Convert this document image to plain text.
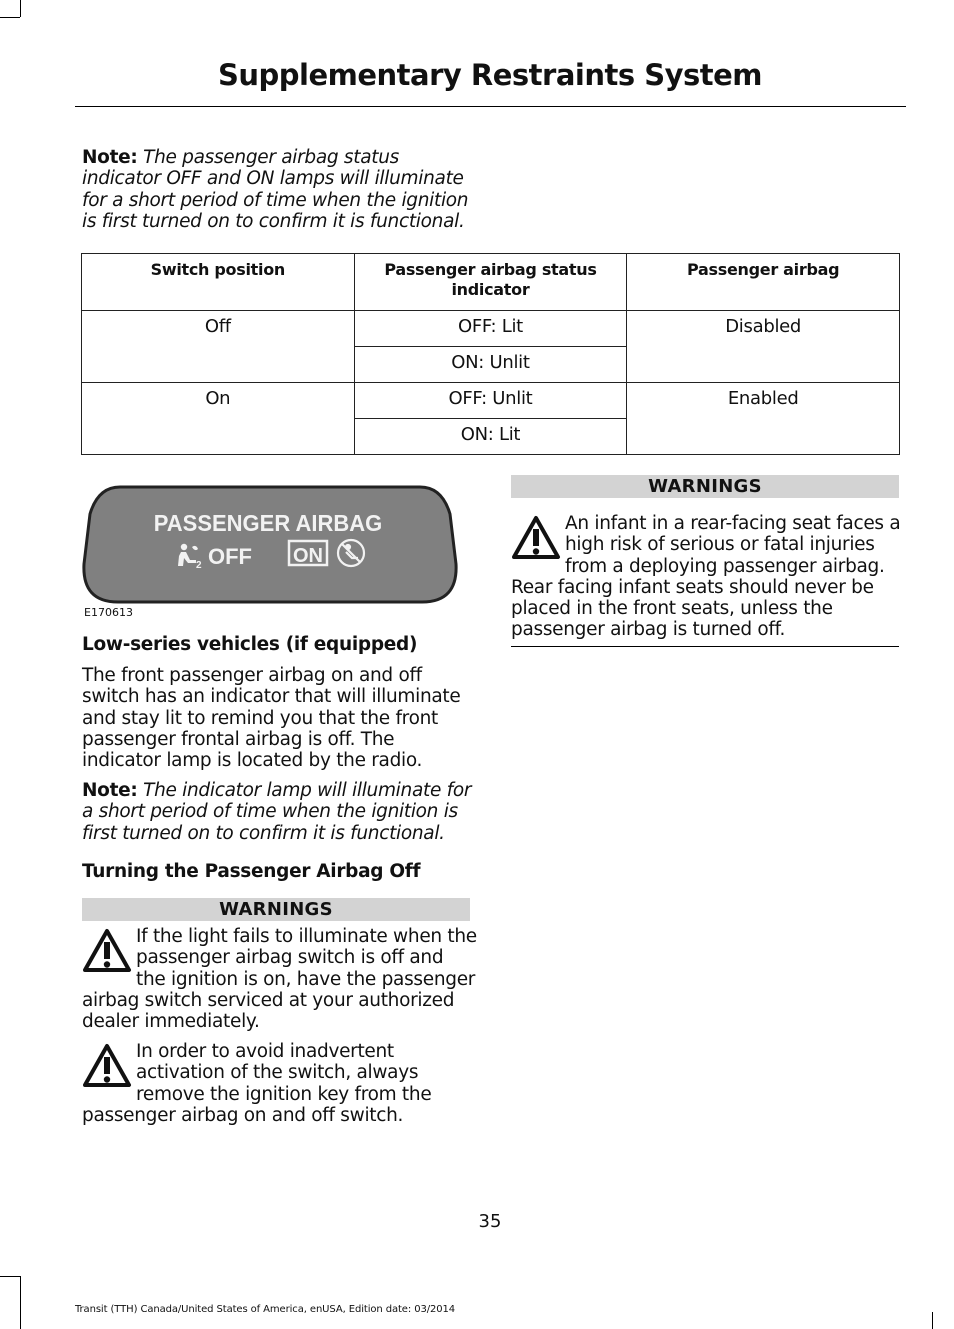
Supplementary Restraints System

Note: The passenger airbag status indicator OFF and ON lamps will illuminate for a short period of time when the ignition is first turned on to confirm it is functional.

Switch position	Passenger airbag status indicator	Passenger airbag
Off	OFF: Lit	Disabled
	ON: Unlit	
On	OFF: Unlit	Enabled
	ON: Lit	
PASSENGER AIRBAG
2 OFF ON
E170613
Low-series vehicles (if equipped)

The front passenger airbag on and off switch has an indicator that will illuminate and stay lit to remind you that the front passenger frontal airbag is off. The indicator lamp is located by the radio.

Note: The indicator lamp will illuminate for a short period of time when the ignition is first turned on to confirm it is functional.

Turning the Passenger Airbag Off
WARNINGS

If the light fails to illuminate when the passenger airbag switch is off and the ignition is on, have the passenger airbag switch serviced at your authorized dealer immediately.

In order to avoid inadvertent activation of the switch, always remove the ignition key from the passenger airbag on and off switch.

WARNINGS

An infant in a rear-facing seat faces a high risk of serious or fatal injuries from a deploying passenger airbag. Rear facing infant seats should never be placed in the front seats, unless the passenger airbag is turned off.

35
Transit (TTH) Canada/United States of America, enUSA, Edition date: 03/2014
